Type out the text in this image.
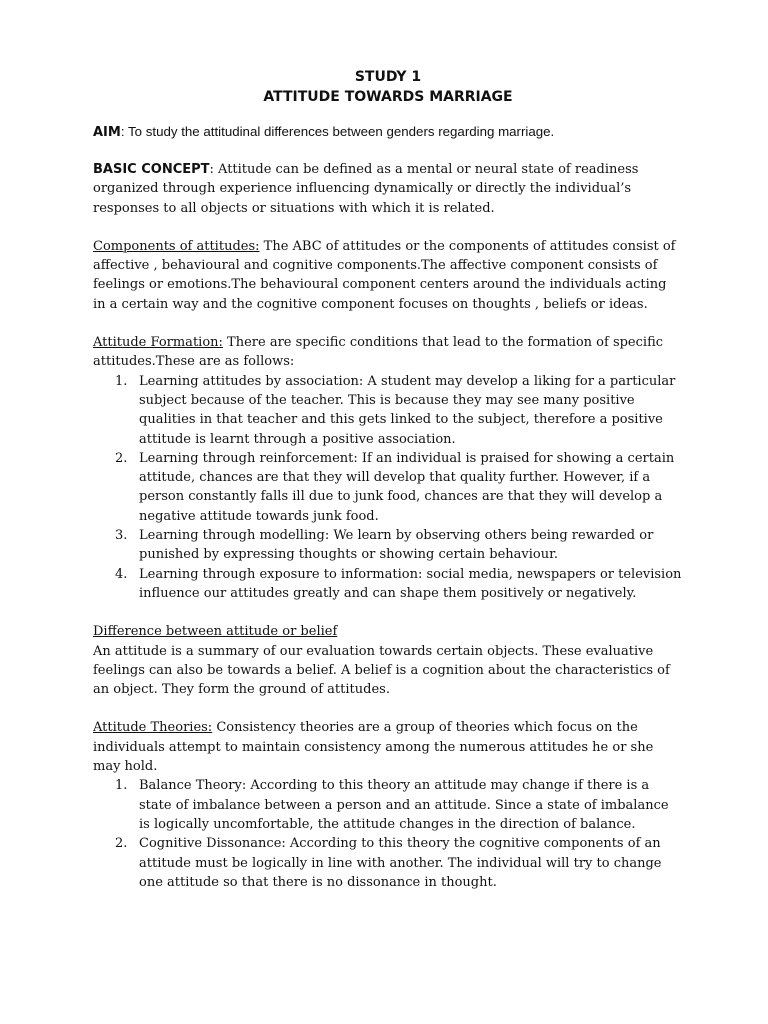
STUDY 1
ATTITUDE TOWARDS MARRIAGE

AIM: To study the attitudinal differences between genders regarding marriage.

BASIC CONCEPT: Attitude can be defined as a mental or neural state of readiness organized through experience influencing dynamically or directly the individual’s responses to all objects or situations with which it is related.

Components of attitudes: The ABC of attitudes or the components of attitudes consist of affective , behavioural and cognitive components.The affective component consists of feelings or emotions.The behavioural component centers around the individuals acting in a certain way and the cognitive component focuses on thoughts , beliefs or ideas.

Attitude Formation: There are specific conditions that lead to the formation of specific attitudes.These are as follows:

1. Learning attitudes by association: A student may develop a liking for a particular subject because of the teacher. This is because they may see many positive qualities in that teacher and this gets linked to the subject, therefore a positive attitude is learnt through a positive association.
2. Learning through reinforcement: If an individual is praised for showing a certain attitude, chances are that they will develop that quality further. However, if a person constantly falls ill due to junk food, chances are that they will develop a negative attitude towards junk food.
3. Learning through modelling: We learn by observing others being rewarded or punished by expressing thoughts or showing certain behaviour.
4. Learning through exposure to information: social media, newspapers or television influence our attitudes greatly and can shape them positively or negatively.

Difference between attitude or belief
An attitude is a summary of our evaluation towards certain objects. These evaluative feelings can also be towards a belief. A belief is a cognition about the characteristics of an object. They form the ground of attitudes.

Attitude Theories: Consistency theories are a group of theories which focus on the individuals attempt to maintain consistency among the numerous attitudes he or she may hold.

1. Balance Theory: According to this theory an attitude may change if there is a state of imbalance between a person and an attitude. Since a state of imbalance is logically uncomfortable, the attitude changes in the direction of balance.
2. Cognitive Dissonance: According to this theory the cognitive components of an attitude must be logically in line with another. The individual will try to change one attitude so that there is no dissonance in thought.
